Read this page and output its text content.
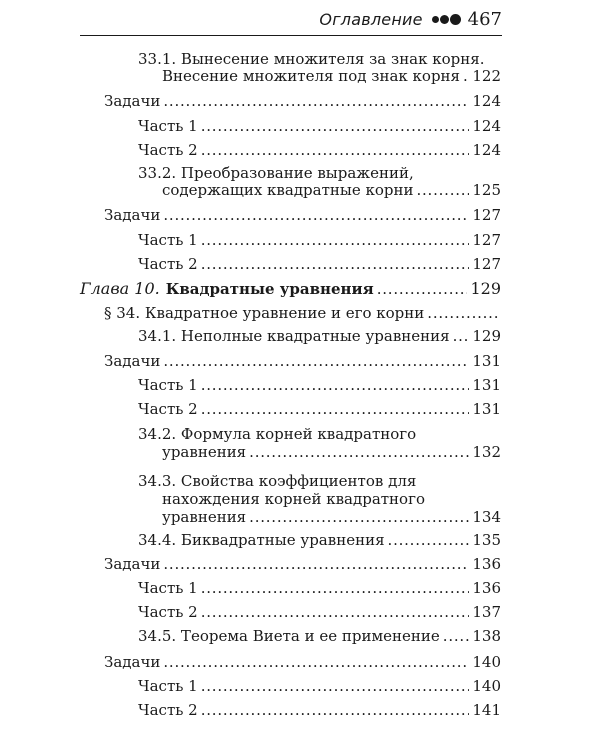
Оглавление	467
33.1. Вынесение множителя за знак корня.
Внесение множителя под знак корня . . . 122
Задачи . . .	124
Часть 1 . . .	124
Часть 2 . . .	124
33.2. Преобразование выражений,
содержащих квадратные корни . . .	125
Задачи . . .	127
Часть 1 . . .	127
Часть 2 . . .	127
Глава 10. Квадратные уравнения . . .	129
§ 34. Квадратное уравнение и его корни
. . .
34.1. Неполные квадратные уравнения . . . 129
Задачи . . .	131
Часть 1 . . .	131
Часть 2 . . .	131
34.2. Формула корней квадратного
уравнения . . .	132
34.3. Свойства коэффициентов для
нахождения корней квадратного
уравнения . . .	134
34.4. Биквадратные уравнения . . .	135
Задачи . . .	136
Часть 1 . . .	136
Часть 2 . . .	137
34.5. Теорема Виета и ее применение . . . 138
Задачи . . .	140
Часть 1 . . .	140
Часть 2 . . .	141
